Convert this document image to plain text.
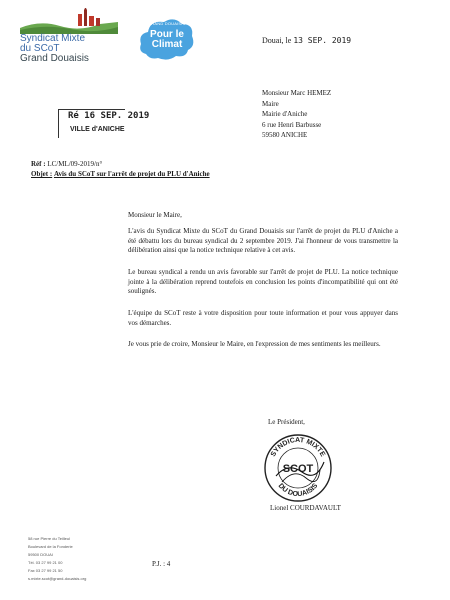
Syndicat Mixte
du SCoT
Grand Douaisis
GRAND DOUAISIS
Pour le Climat	Douai, le 13 SEP. 2019
Monsieur Marc HEMEZ
Maire
Mairie d'Aniche
6 rue Henri Barbusse
59580 ANICHE
Ré 16 SEP. 2019
VILLE d'ANICHE
Réf : LC/ML/09-2019/n°
Objet : Avis du SCoT sur l'arrêt de projet du PLU d'Aniche
Monsieur le Maire,
L'avis du Syndicat Mixte du SCoT du Grand Douaisis sur l'arrêt de projet du PLU d'Aniche a été débattu lors du bureau syndical du 2 septembre 2019. J'ai l'honneur de vous transmettre la délibération ainsi que la notice technique relative à cet avis.
Le bureau syndical a rendu un avis favorable sur l'arrêt de projet de PLU. La notice technique jointe à la délibération reprend toutefois en conclusion les points d'incompatibilité qui ont été soulignés.
L'équipe du SCoT reste à votre disposition pour toute information et pour vous appuyer dans vos démarches.
Je vous prie de croire, Monsieur le Maire, en l'expression de mes sentiments les meilleurs.
Le Président,
SYNDICAT MIXTE
DU DOUAISIS
SCOT
Lionel COURDAVAULT
58 rue Pierre du Teilleul
Boulevard de la Fonderie
59500 DOUAI
Tél. 03 27 99 21 00
Fax 03 27 99 21 50
s.mixte.scot@grand-douaisis.org
P.J. : 4
